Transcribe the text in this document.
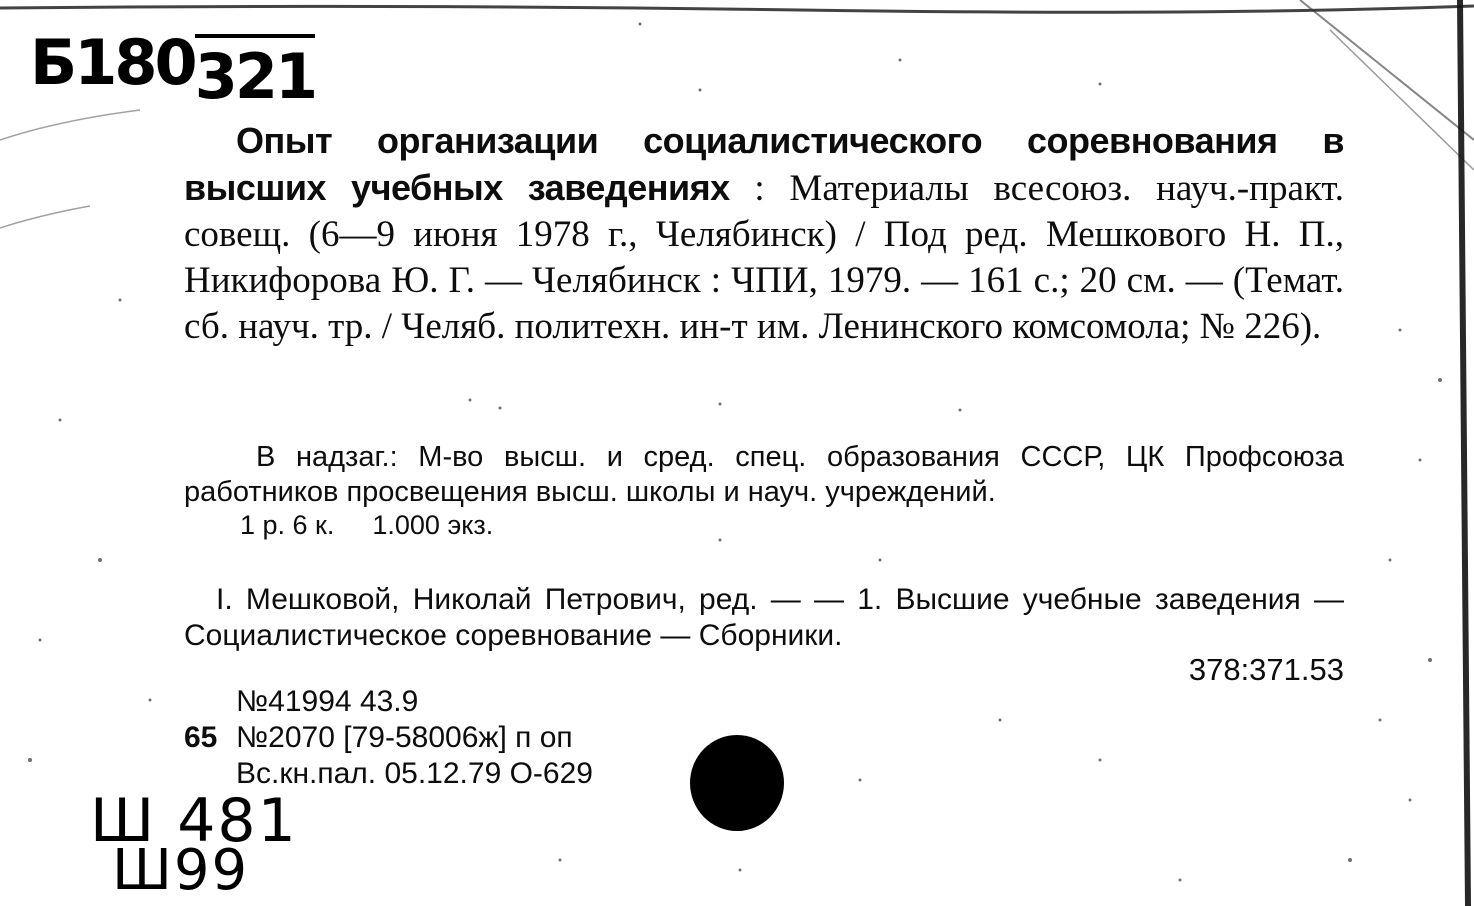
Б180321
Опыт организации социалистического соревнования в высших учебных заведениях : Материалы всесоюз. науч.-практ. совещ. (6—9 июня 1978 г., Челябинск) / Под ред. Мешкового Н. П., Никифорова Ю. Г. — Челябинск : ЧПИ, 1979. — 161 с.; 20 см. — (Темат. сб. науч. тр. / Челяб. политехн. ин-т им. Ленинского комсомола; № 226).
В надзаг.: М-во высш. и сред. спец. образования СССР, ЦК Профсоюза работников просвещения высш. школы и науч. учреждений.
1 р. 6 к. 1.000 экз.
I. Мешковой, Николай Петрович, ред. — — 1. Высшие учебные заведения — Социалистическое соревнование — Сборники.
378:371.53
№41994 43.9
65 №2070 [79-58006ж] п оп
Вс.кн.пал. 05.12.79 О-629
Ш 481
Ш99
